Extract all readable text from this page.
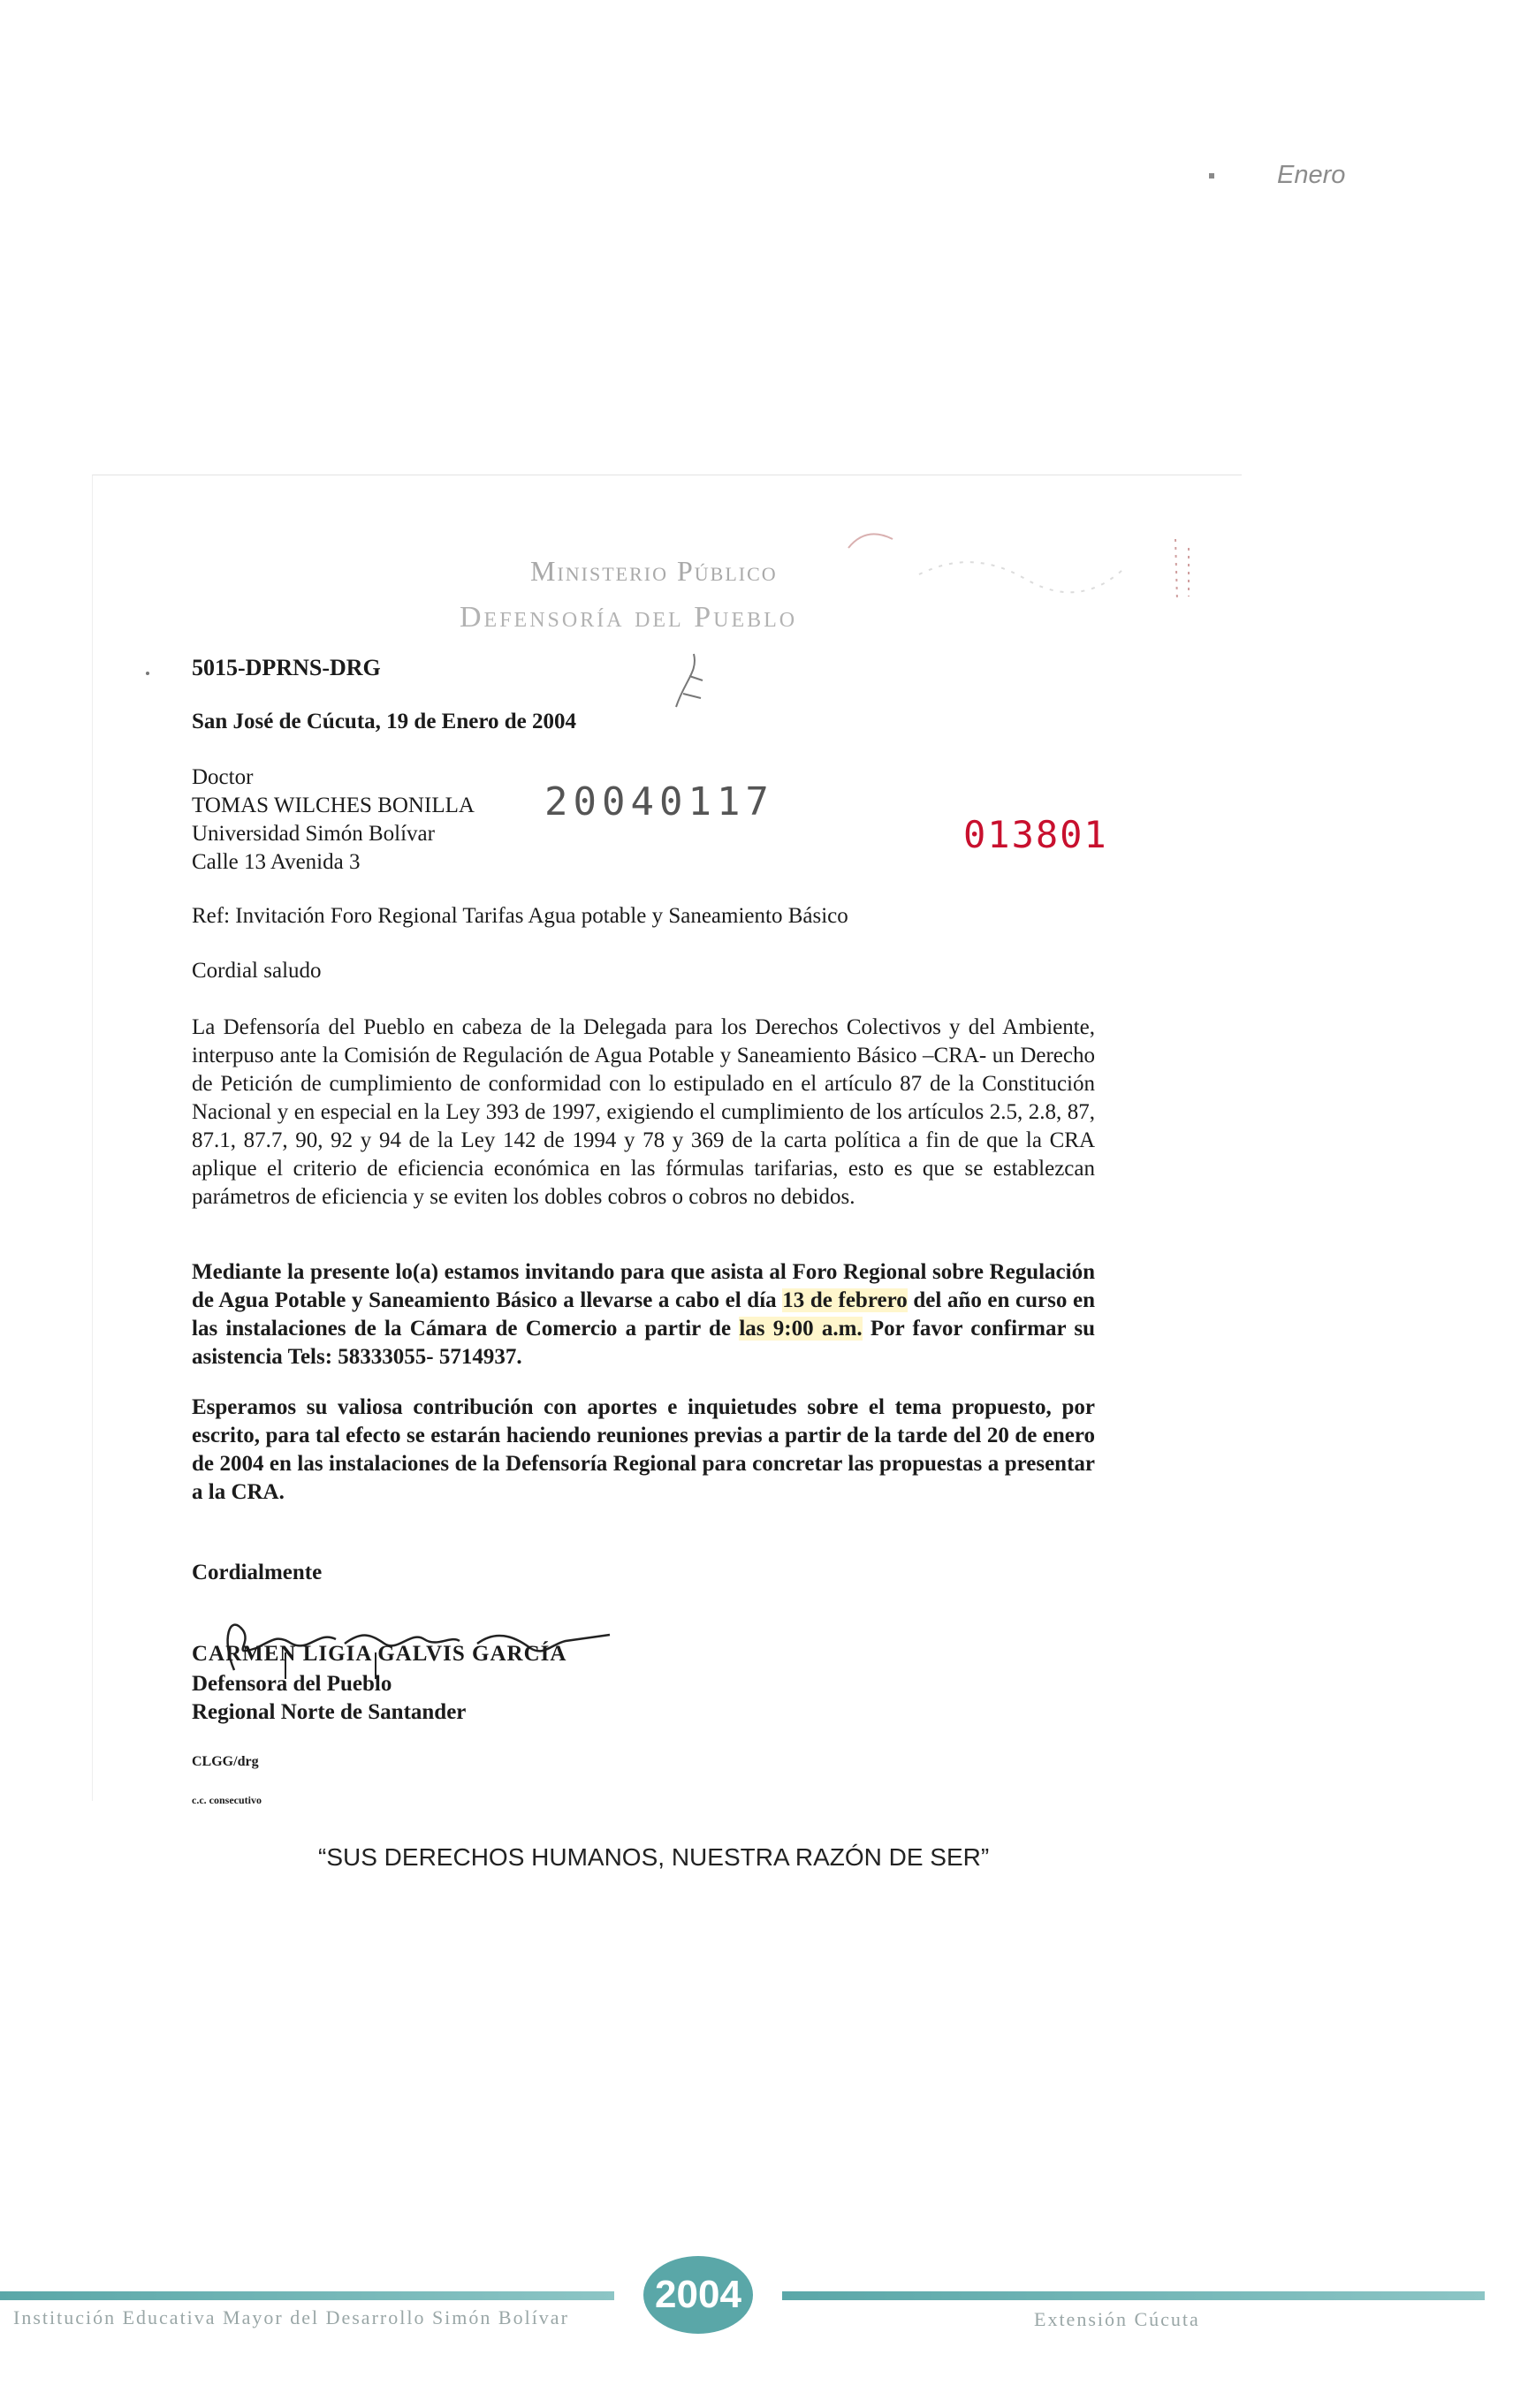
Enero
Ministerio Público
Defensoría del Pueblo
5015-DPRNS-DRG
San José de Cúcuta, 19 de Enero de 2004
Doctor
TOMAS WILCHES BONILLA
Universidad Simón Bolívar
Calle 13 Avenida 3
20040117
013801
Ref: Invitación Foro Regional Tarifas Agua potable y Saneamiento Básico
Cordial saludo
La Defensoría del Pueblo en cabeza de la Delegada para los Derechos Colectivos y del Ambiente, interpuso ante la Comisión de Regulación de Agua Potable y Saneamiento Básico –CRA- un Derecho de Petición de cumplimiento de conformidad con lo estipulado en el artículo 87 de la Constitución Nacional y en especial en la Ley 393 de 1997, exigiendo el cumplimiento de los artículos 2.5, 2.8, 87, 87.1, 87.7, 90, 92 y 94 de la Ley 142 de 1994 y 78 y 369 de la carta política a fin de que la CRA aplique el criterio de eficiencia económica en las fórmulas tarifarias, esto es que se establezcan parámetros de eficiencia y se eviten los dobles cobros o cobros no debidos.
Mediante la presente lo(a) estamos invitando para que asista al Foro Regional sobre Regulación de Agua Potable y Saneamiento Básico a llevarse a cabo el día 13 de febrero del año en curso en las instalaciones de la Cámara de Comercio a partir de las 9:00 a.m. Por favor confirmar su asistencia Tels: 58333055- 5714937.
Esperamos su valiosa contribución con aportes e inquietudes sobre el tema propuesto, por escrito, para tal efecto se estarán haciendo reuniones previas a partir de la tarde del 20 de enero de 2004 en las instalaciones de la Defensoría Regional para concretar las propuestas a presentar a la CRA.
Cordialmente
CARMEN LIGIA GALVIS GARCÍA
Defensora del Pueblo
Regional Norte de Santander
CLGG/drg
c.c. consecutivo
“SUS DERECHOS HUMANOS, NUESTRA RAZÓN DE SER”
2004
Institución Educativa Mayor del Desarrollo Simón Bolívar	Extensión Cúcuta
